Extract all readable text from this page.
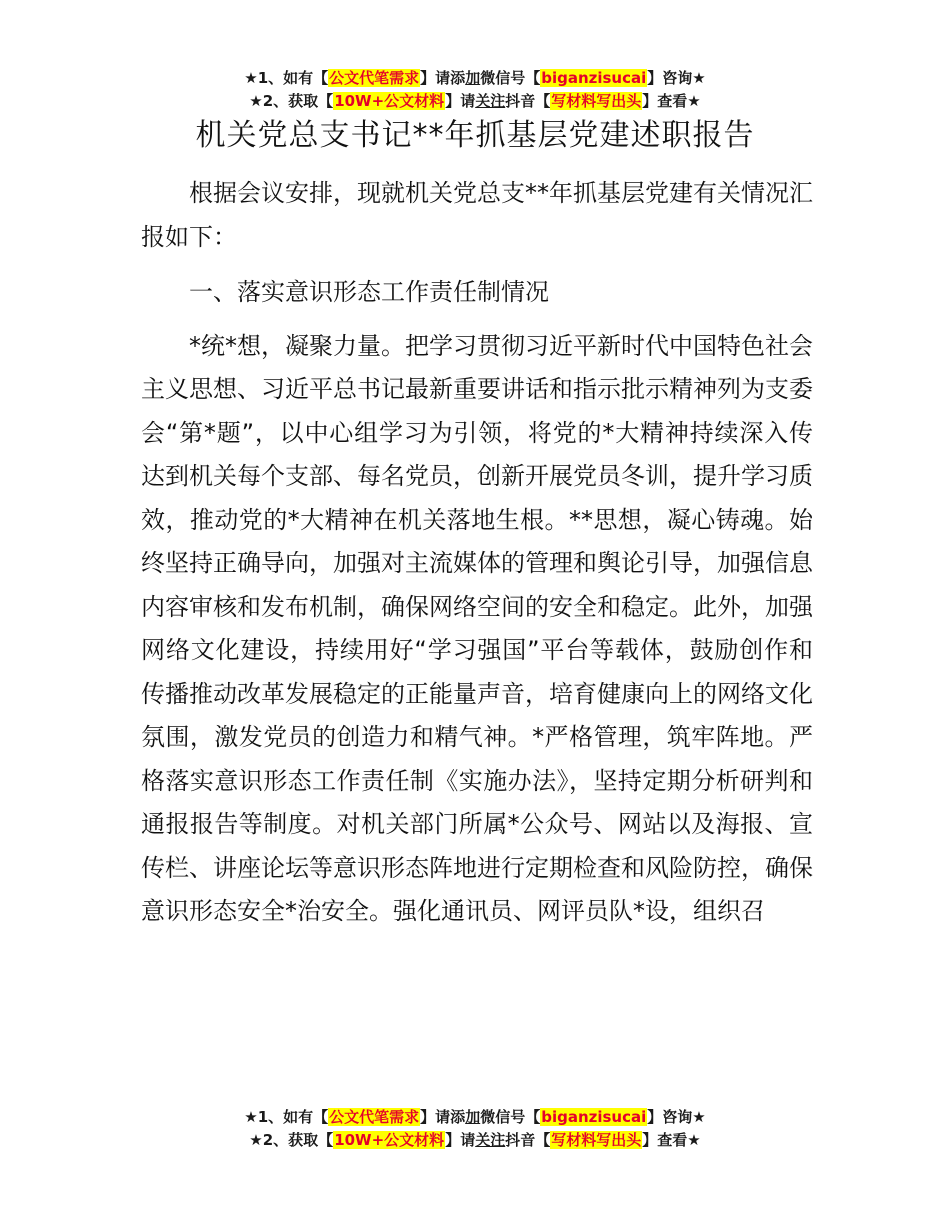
★1、如有【公文代笔需求】请添加微信号【biganzisucai】咨询★
★2、获取【10W+公文材料】请关注抖音【写材料写出头】查看★
机关党总支书记**年抓基层党建述职报告

根据会议安排，现就机关党总支**年抓基层党建有关情况汇报如下：

一、落实意识形态工作责任制情况

*统*想，凝聚力量。把学习贯彻习近平新时代中国特色社会主义思想、习近平总书记最新重要讲话和指示批示精神列为支委会“第*题”，以中心组学习为引领，将党的*大精神持续深入传达到机关每个支部、每名党员，创新开展党员冬训，提升学习质效，推动党的*大精神在机关落地生根。**思想，凝心铸魂。始终坚持正确导向，加强对主流媒体的管理和舆论引导，加强信息内容审核和发布机制，确保网络空间的安全和稳定。此外，加强网络文化建设，持续用好“学习强国”平台等载体，鼓励创作和传播推动改革发展稳定的正能量声音，培育健康向上的网络文化氛围，激发党员的创造力和精气神。*严格管理，筑牢阵地。严格落实意识形态工作责任制《实施办法》，坚持定期分析研判和通报报告等制度。对机关部门所属*公众号、网站以及海报、宣传栏、讲座论坛等意识形态阵地进行定期检查和风险防控，确保意识形态安全*治安全。强化通讯员、网评员队*设，组织召

★1、如有【公文代笔需求】请添加微信号【biganzisucai】咨询★
★2、获取【10W+公文材料】请关注抖音【写材料写出头】查看★
